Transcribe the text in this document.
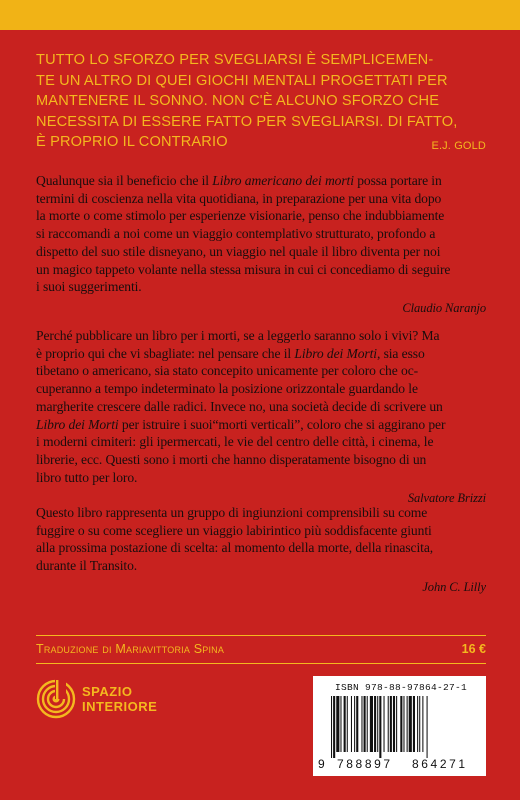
TUTTO LO SFORZO PER SVEGLIARSI È SEMPLICEMEN-
TE UN ALTRO DI QUEI GIOCHI MENTALI PROGETTATI PER
MANTENERE IL SONNO. NON C'È ALCUNO SFORZO CHE
NECESSITA DI ESSERE FATTO PER SVEGLIARSI. DI FATTO,
È PROPRIO IL CONTRARIO	E.J. GOLD
Qualunque sia il beneficio che il Libro americano dei morti possa portare in
termini di coscienza nella vita quotidiana, in preparazione per una vita dopo
la morte o come stimolo per esperienze visionarie, penso che indubbiamente
si raccomandi a noi come un viaggio contemplativo strutturato, profondo a
dispetto del suo stile disneyano, un viaggio nel quale il libro diventa per noi
un magico tappeto volante nella stessa misura in cui ci concediamo di seguire
i suoi suggerimenti.
Claudio Naranjo
Perché pubblicare un libro per i morti, se a leggerlo saranno solo i vivi? Ma
è proprio qui che vi sbagliate: nel pensare che il Libro dei Morti, sia esso
tibetano o americano, sia stato concepito unicamente per coloro che oc-
cuperanno a tempo indeterminato la posizione orizzontale guardando le
margherite crescere dalle radici. Invece no, una società decide di scrivere un
Libro dei Morti per istruire i suoi“morti verticali”, coloro che si aggirano per
i moderni cimiteri: gli ipermercati, le vie del centro delle città, i cinema, le
librerie, ecc. Questi sono i morti che hanno disperatamente bisogno di un
libro tutto per loro.
Salvatore Brizzi
Questo libro rappresenta un gruppo di ingiunzioni comprensibili su come
fuggire o su come scegliere un viaggio labirintico più soddisfacente giunti
alla prossima postazione di scelta: al momento della morte, della rinascita,
durante il Transito.
John C. Lilly
Traduzione di Mariavittoria Spina	16 €
SPAZIO
INTERIORE
ISBN 978-88-97864-27-1
9 788897 864271
